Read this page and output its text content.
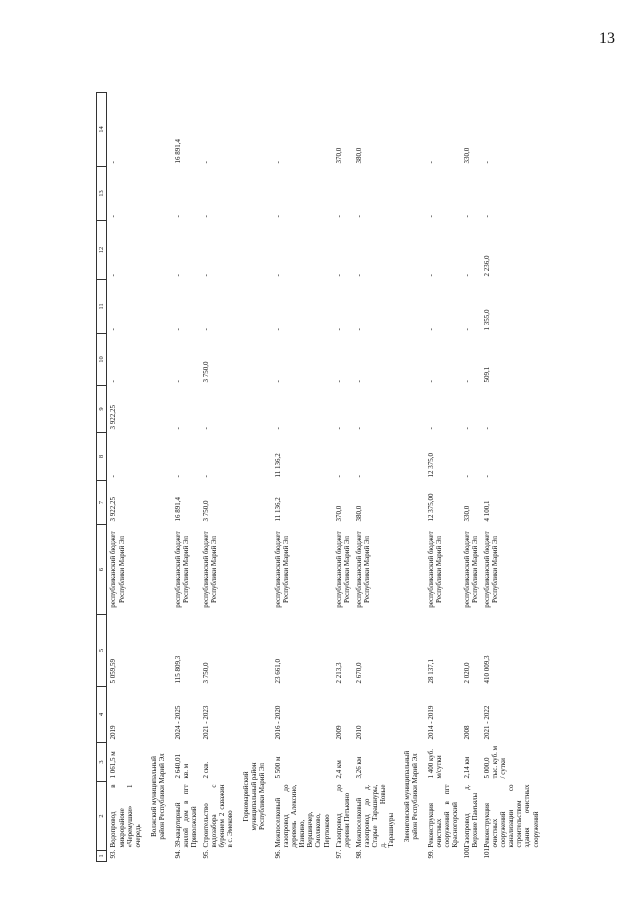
13
1	2	3	4	5	6	7	8	9	10	11	12	13	14
93.	Водопровод в микрорайоне «Черемушки» 1 очередь	1 061,5 м	2019	5 059,59	республиканский бюджет Республики Марий Эл	3 922,25	-	3 922,25	-	-	-	-	-
	Волжский муниципальный район Республики Марий Эл												
94.	39-квартирный жилой дом в пгт Приволжский	2 640,01 кв. м	2024 - 2025	115 809,3	республиканский бюджет Республики Марий Эл	16 891,4	-	-	-	-	-	-	16 891,4
95.	Строительство водозабора с бурением 2 скважин в с. Эмеково	2 скв.	2021 - 2023	3 750,0	республиканский бюджет Республики Марий Эл	3 750,0	-	-	3 750,0	-	-	-	-
	Горномарийский муниципальный район Республики Марий Эл												
96.	Межпоселковый газопровод до деревень Алексино, Изикино, Вершинчер, Смоляково, Пертюково	5 500 м	2016 - 2020	23 661,0	республиканский бюджет Республики Марий Эл	11 136,2	11 136,2	-	-	-	-	-	-
97.	Газопровод до деревни Петькино	2,4 км	2009	2 213,3	республиканский бюджет Республики Марий Эл	370,0	-	-	-	-	-	-	370,0
98.	Межпоселковый газопровод до д. Старые Тарашнуры, д. Новые Тарашнуры	3,26 км	2010	2 670,0	республиканский бюджет Республики Марий Эл	380,0	-	-	-	-	-	-	380,0
	Звениговский муниципальный район Республики Марий Эл												
99.	Реконструкция очистных сооружений в пгт Красногорский	1 400 куб. м/сутки	2014 - 2019	28 137,1	республиканский бюджет Республики Марий Эл	12 375,00	12 375,0	-	-	-	-	-	-
100.	Газопровод д. Верхние Памъялы	2,14 км	2008	2 020,0	республиканский бюджет Республики Марий Эл	330,0	-	-	-	-	-	-	330,0
101.	Реконструкция очистных сооружений канализации со строительством здания очистных сооружений	5 000,0 тыс. куб. м / сутки	2021 - 2022	410 009,3	республиканский бюджет Республики Марий Эл	4 100,1	-	-	509,1	1 355,0	2 236,0	-	-
